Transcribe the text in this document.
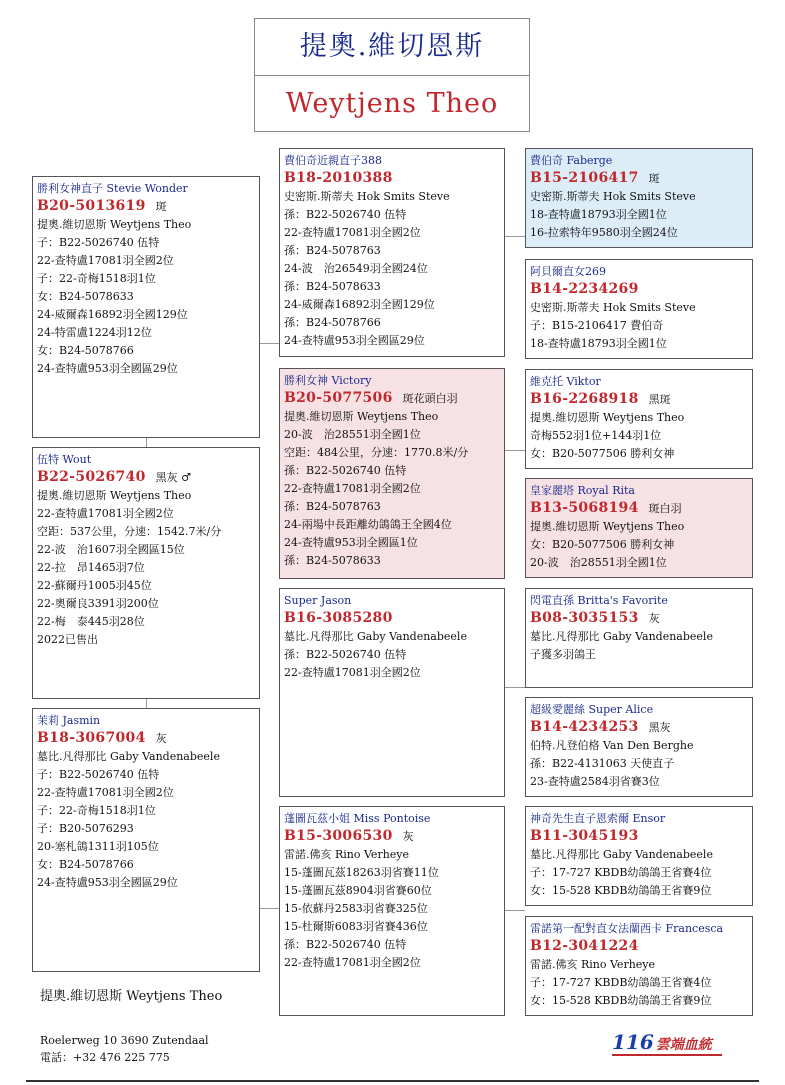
提奧.維切恩斯
Weytjens Theo
勝利女神直子 Stevie Wonder
B20-5013619 斑
提奧.維切恩斯 Weytjens Theo
子：B22-5026740 伍特
22-查特盧17081羽全國2位
子：22-奇梅1518羽1位
女：B24-5078633
24-威爾森16892羽全國129位
24-特雷盧1224羽12位
女：B24-5078766
24-查特盧953羽全國區29位
伍特 Wout
B22-5026740 黑灰 ♂
提奧.維切恩斯 Weytjens Theo
22-查特盧17081羽全國2位
空距：537公里，分速：1542.7米/分
22-波　治1607羽全國區15位
22-拉　昂1465羽7位
22-蘇爾丹1005羽45位
22-奧爾良3391羽200位
22-梅　泰445羽28位
2022已售出
茉莉 Jasmin
B18-3067004 灰
墓比.凡得那比 Gaby Vandenabeele
子：B22-5026740 伍特
22-查特盧17081羽全國2位
子：22-奇梅1518羽1位
子：B20-5076293
20-塞札鴿1311羽105位
女：B24-5078766
24-查特盧953羽全國區29位
費伯奇近親直子388
B18-2010388
史密斯.斯蒂夫 Hok Smits Steve
孫：B22-5026740 伍特
22-查特盧17081羽全國2位
孫：B24-5078763
24-波　治26549羽全國24位
孫：B24-5078633
24-威爾森16892羽全國129位
孫：B24-5078766
24-查特盧953羽全國區29位
勝利女神 Victory
B20-5077506 斑花頭白羽
提奧.維切恩斯 Weytjens Theo
20-波　治28551羽全國1位
空距：484公里，分速：1770.8米/分
孫：B22-5026740 伍特
22-查特盧17081羽全國2位
孫：B24-5078763
24-兩場中長距離幼鴿鴿王全國4位
24-查特盧953羽全國區1位
孫：B24-5078633
Super Jason
B16-3085280
墓比.凡得那比 Gaby Vandenabeele
孫：B22-5026740 伍特
22-查特盧17081羽全國2位
蓬圖瓦茲小姐 Miss Pontoise
B15-3006530 灰
雷諾.佛亥 Rino Verheye
15-蓬圖瓦茲18263羽省賽11位
15-蓬圖瓦茲8904羽省賽60位
15-依蘇丹2583羽省賽325位
15-杜爾斯6083羽省賽436位
孫：B22-5026740 伍特
22-查特盧17081羽全國2位
費伯奇 Faberge
B15-2106417 斑
史密斯.斯蒂夫 Hok Smits Steve
18-查特盧18793羽全國1位
16-拉索特年9580羽全國24位
阿貝爾直女269
B14-2234269
史密斯.斯蒂夫 Hok Smits Steve
子：B15-2106417 費伯奇
18-查特盧18793羽全國1位
維克托 Viktor
B16-2268918 黑斑
提奧.維切恩斯 Weytjens Theo
奇梅552羽1位+144羽1位
女：B20-5077506 勝利女神
皇家麗塔 Royal Rita
B13-5068194 斑白羽
提奧.維切恩斯 Weytjens Theo
女：B20-5077506 勝利女神
20-波　治28551羽全國1位
閃電直孫 Britta's Favorite
B08-3035153 灰
墓比.凡得那比 Gaby Vandenabeele
子獲多羽鴿王
超級愛麗絲 Super Alice
B14-4234253 黑灰
伯特.凡登伯格 Van Den Berghe
孫：B22-4131063 天使直子
23-查特盧2584羽省賽3位
神奇先生直子恩索爾 Ensor
B11-3045193
墓比.凡得那比 Gaby Vandenabeele
子：17-727 KBDB幼鴿鴿王省賽4位
女：15-528 KBDB幼鴿鴿王省賽9位
雷諾第一配對直女法蘭西卡 Francesca
B12-3041224
雷諾.佛亥 Rino Verheye
子：17-727 KBDB幼鴿鴿王省賽4位
女：15-528 KBDB幼鴿鴿王省賽9位
提奧.維切恩斯 Weytjens Theo
Roelerweg 10 3690 Zutendaal
電話：+32 476 225 775
116 雲端血統
